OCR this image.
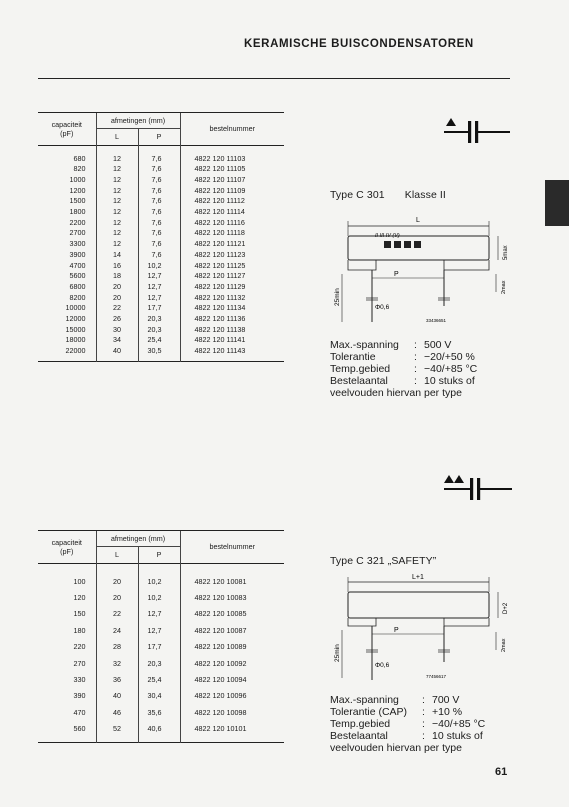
KERAMISCHE BUISCONDENSATOREN
capaciteit
(pF)	afmetingen (mm)		bestelnummer
	L	P	

680	12	7,6	4822 120 11103
820	12	7,6	4822 120 11105
1000	12	7,6	4822 120 11107
1200	12	7,6	4822 120 11109
1500	12	7,6	4822 120 11112
1800	12	7,6	4822 120 11114
2200	12	7,6	4822 120 11116
2700	12	7,6	4822 120 11118
3300	12	7,6	4822 120 11121
3900	14	7,6	4822 120 11123
4700	16	10,2	4822 120 11125
5600	18	12,7	4822 120 11127
6800	20	12,7	4822 120 11129
8200	20	12,7	4822 120 11132
10000	22	17,7	4822 120 11134
12000	26	20,3	4822 120 11136
15000	30	20,3	4822 120 11138
18000	34	25,4	4822 120 11141
22000	40	30,5	4822 120 11143
Type C 301 Klasse II
L
II III IV (V)
P
25min
5max
2max
Φ0,6
33436651
Max.-spanning	: 500 V
Tolerantie	: −20/+50 %
Temp.gebied	: −40/+85 °C
Bestelaantal	: 10 stuks of
veelvouden hiervan per type
capaciteit
(pF)	afmetingen (mm)		bestelnummer
	L	P	

100	20	10,2	4822 120 10081
120	20	10,2	4822 120 10083
150	22	12,7	4822 120 10085
180	24	12,7	4822 120 10087
220	28	17,7	4822 120 10089
270	32	20,3	4822 120 10092
330	36	25,4	4822 120 10094
390	40	30,4	4822 120 10096
470	46	35,6	4822 120 10098
560	52	40,6	4822 120 10101
Type C 321 „SAFETY”
L+1
P
25min
D+2
2max
Φ0,6
77456617
Max.-spanning	: 700 V
Tolerantie (CAP)	: +10 %
Temp.gebied	: −40/+85 °C
Bestelaantal	: 10 stuks of
veelvouden hiervan per type
61
